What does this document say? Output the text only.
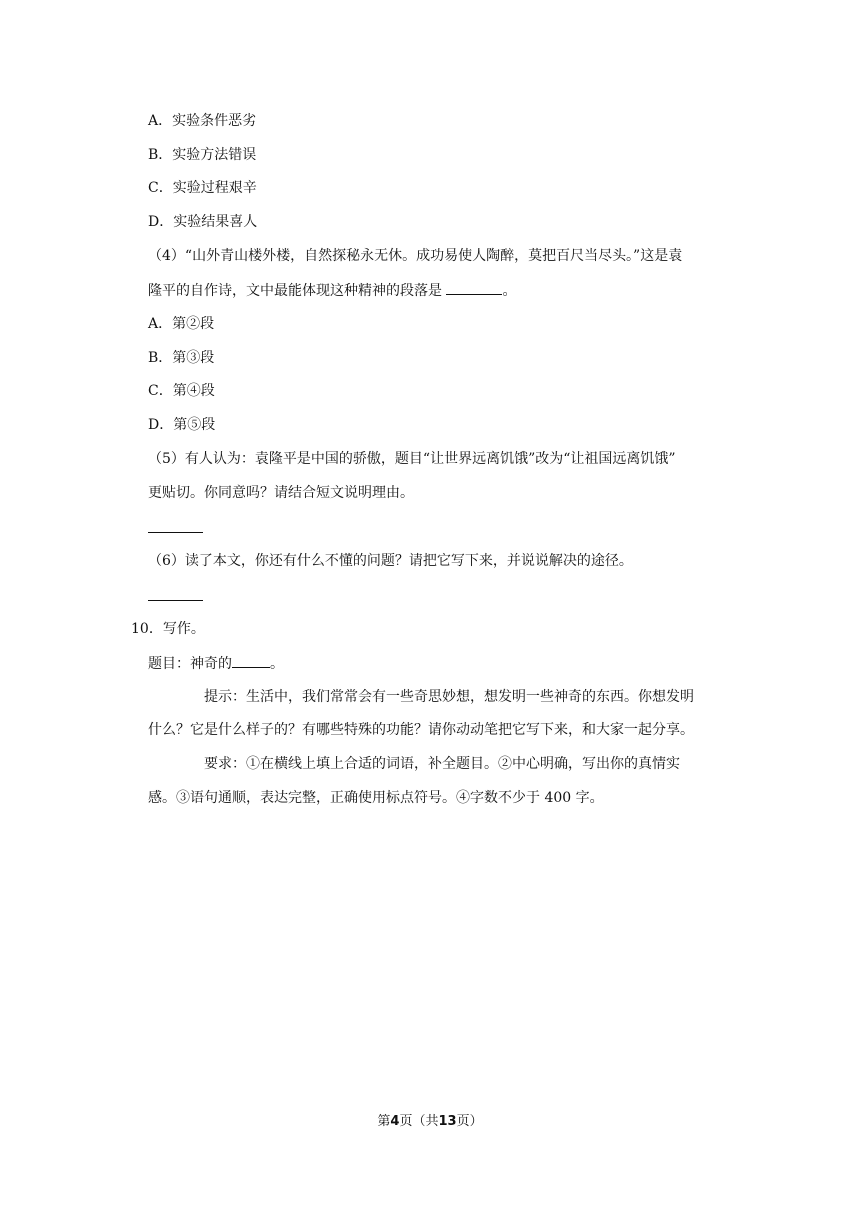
A．实验条件恶劣
B．实验方法错误
C．实验过程艰辛
D．实验结果喜人
（4）“山外青山楼外楼，自然探秘永无休。成功易使人陶醉，莫把百尺当尽头。”这是袁
隆平的自作诗，文中最能体现这种精神的段落是	。
A．第②段
B．第③段
C．第④段
D．第⑤段
（5）有人认为：袁隆平是中国的骄傲，题目“让世界远离饥饿”改为“让祖国远离饥饿”
更贴切。你同意吗？请结合短文说明理由。
（6）读了本文，你还有什么不懂的问题？请把它写下来，并说说解决的途径。
10．写作。
题目：神奇的	。
提示：生活中，我们常常会有一些奇思妙想，想发明一些神奇的东西。你想发明
什么？它是什么样子的？有哪些特殊的功能？请你动动笔把它写下来，和大家一起分享。
要求：①在横线上填上合适的词语，补全题目。②中心明确，写出你的真情实
感。③语句通顺，表达完整，正确使用标点符号。④字数不少于 400 字。
第4页（共13页）
